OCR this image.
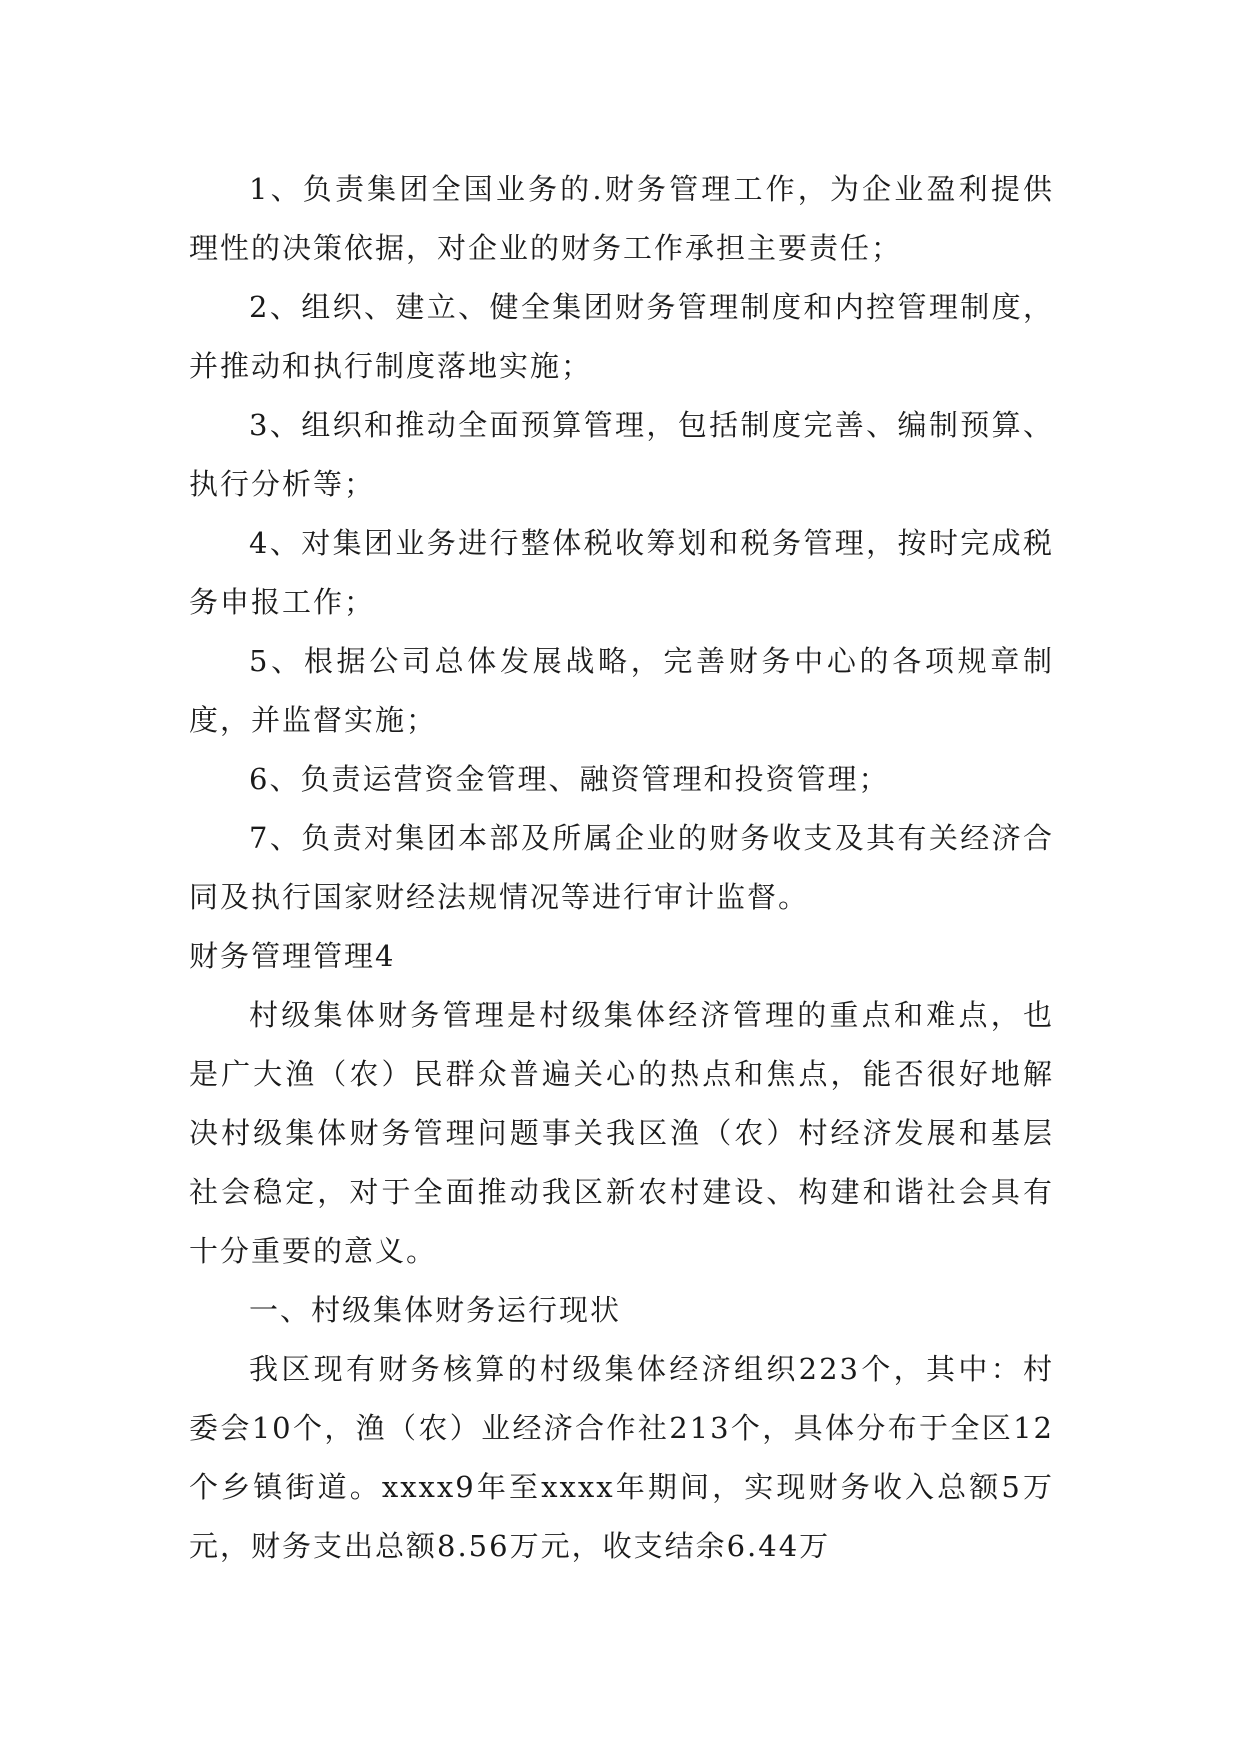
1、负责集团全国业务的.财务管理工作，为企业盈利提供理性的决策依据，对企业的财务工作承担主要责任；

2、组织、建立、健全集团财务管理制度和内控管理制度，并推动和执行制度落地实施；

3、组织和推动全面预算管理，包括制度完善、编制预算、执行分析等；

4、对集团业务进行整体税收筹划和税务管理，按时完成税务申报工作；

5、根据公司总体发展战略，完善财务中心的各项规章制度，并监督实施；

6、负责运营资金管理、融资管理和投资管理；

7、负责对集团本部及所属企业的财务收支及其有关经济合同及执行国家财经法规情况等进行审计监督。

财务管理管理4

村级集体财务管理是村级集体经济管理的重点和难点，也是广大渔（农）民群众普遍关心的热点和焦点，能否很好地解决村级集体财务管理问题事关我区渔（农）村经济发展和基层社会稳定，对于全面推动我区新农村建设、构建和谐社会具有十分重要的意义。

一、村级集体财务运行现状

我区现有财务核算的村级集体经济组织223个，其中：村委会10个，渔（农）业经济合作社213个，具体分布于全区12个乡镇街道。xxxx9年至xxxx年期间，实现财务收入总额5万元，财务支出总额8.56万元，收支结余6.44万
